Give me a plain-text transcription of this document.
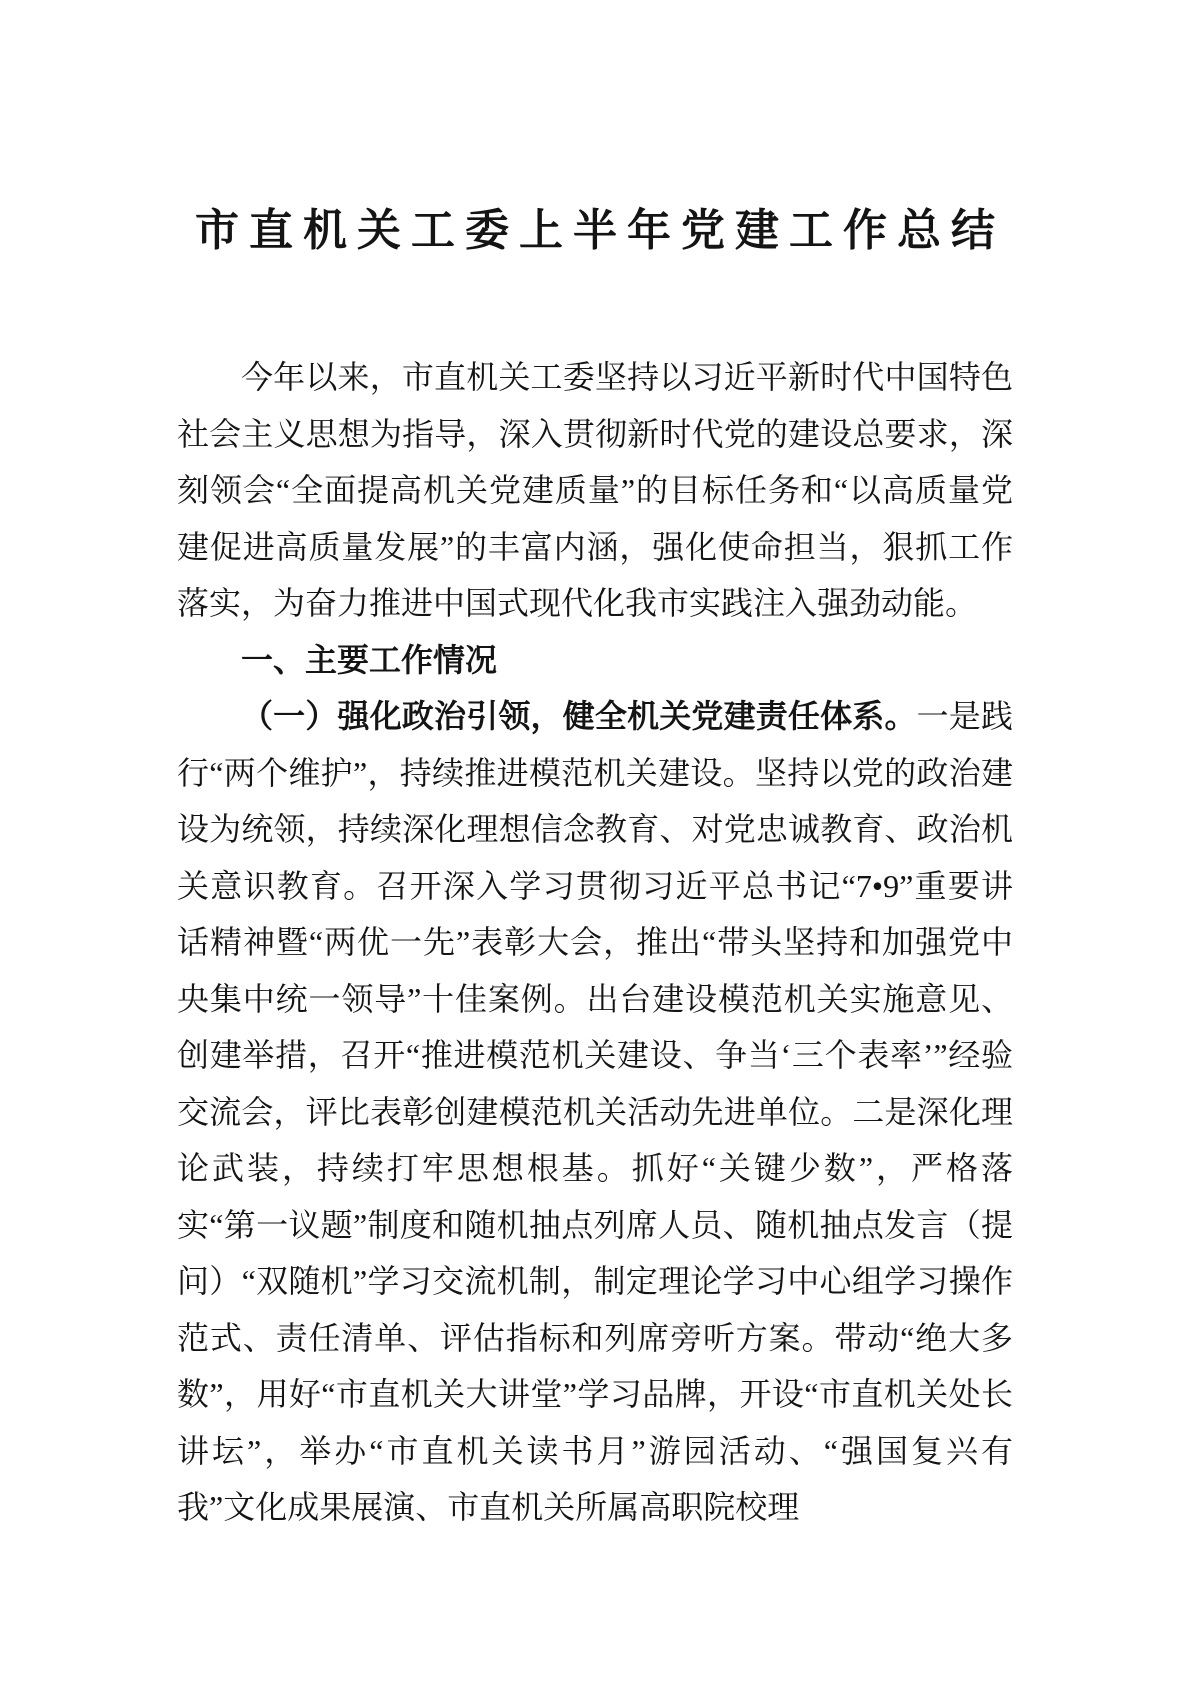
市直机关工委上半年党建工作总结

今年以来，市直机关工委坚持以习近平新时代中国特色社会主义思想为指导，深入贯彻新时代党的建设总要求，深刻领会“全面提高机关党建质量”的目标任务和“以高质量党建促进高质量发展”的丰富内涵，强化使命担当，狠抓工作落实，为奋力推进中国式现代化我市实践注入强劲动能。

一、主要工作情况

（一）强化政治引领，健全机关党建责任体系。一是践行“两个维护”，持续推进模范机关建设。坚持以党的政治建设为统领，持续深化理想信念教育、对党忠诚教育、政治机关意识教育。召开深入学习贯彻习近平总书记“7•9”重要讲话精神暨“两优一先”表彰大会，推出“带头坚持和加强党中央集中统一领导”十佳案例。出台建设模范机关实施意见、创建举措，召开“推进模范机关建设、争当‘三个表率’”经验交流会，评比表彰创建模范机关活动先进单位。二是深化理论武装，持续打牢思想根基。抓好“关键少数”，严格落实“第一议题”制度和随机抽点列席人员、随机抽点发言（提问）“双随机”学习交流机制，制定理论学习中心组学习操作范式、责任清单、评估指标和列席旁听方案。带动“绝大多数”，用好“市直机关大讲堂”学习品牌，开设“市直机关处长讲坛”，举办“市直机关读书月”游园活动、“强国复兴有我”文化成果展演、市直机关所属高职院校理
